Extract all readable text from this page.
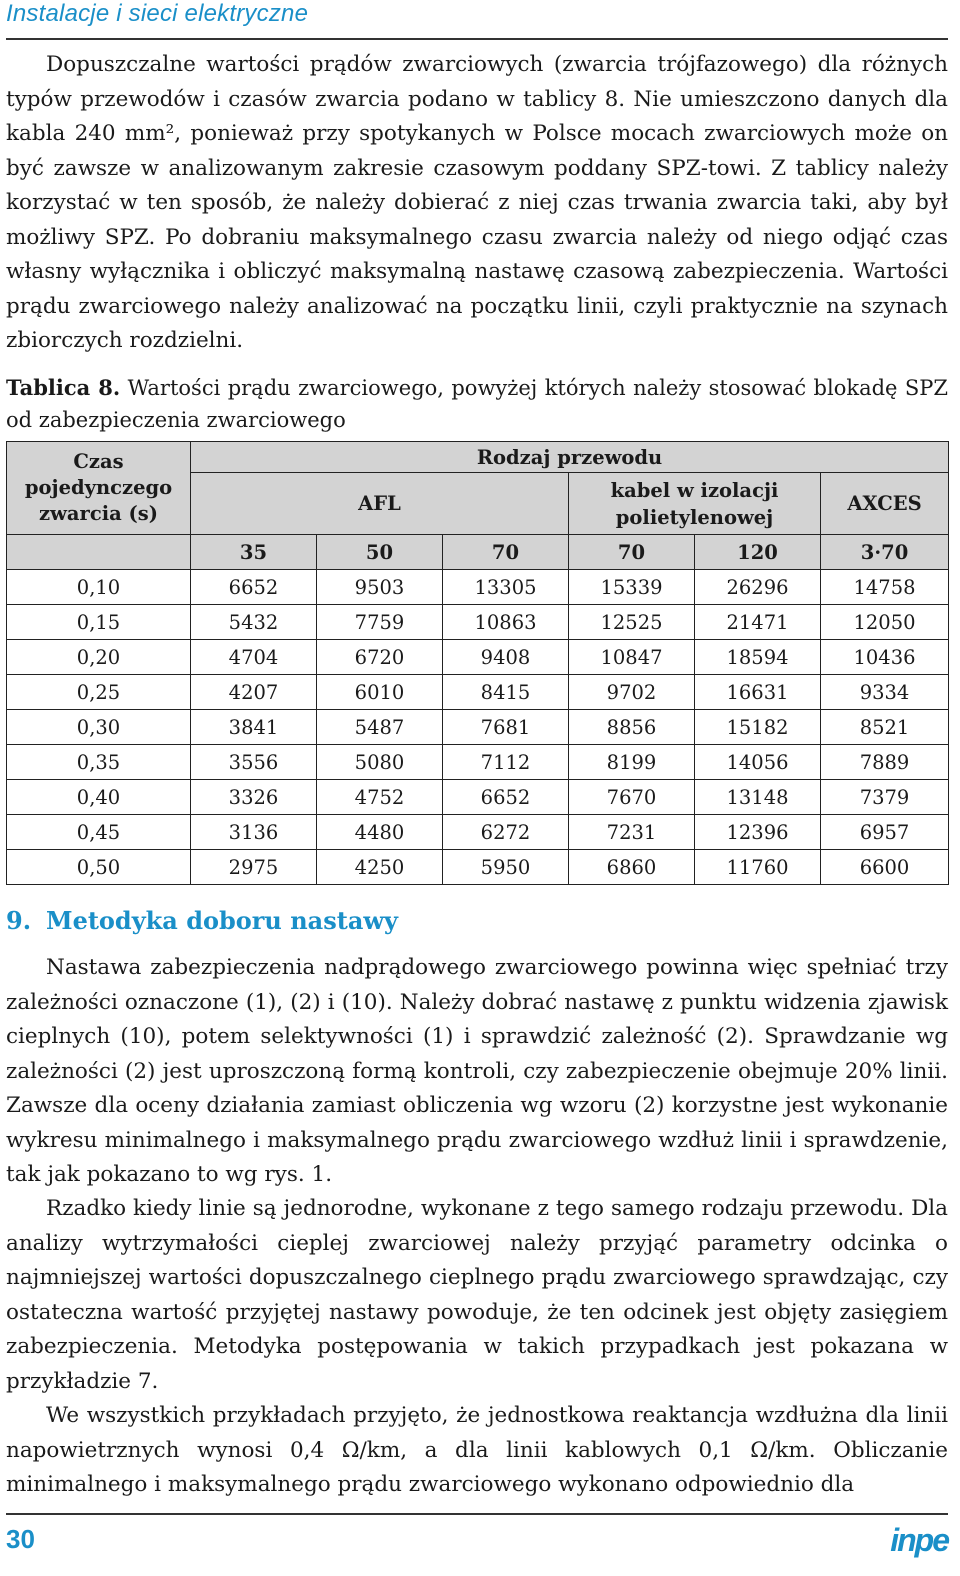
Instalacje i sieci elektryczne

Dopuszczalne wartości prądów zwarciowych (zwarcia trójfazowego) dla różnych typów przewodów i czasów zwarcia podano w tablicy 8. Nie umieszczono danych dla kabla 240 mm², ponieważ przy spotykanych w Polsce mocach zwarciowych może on być zawsze w analizowanym zakresie czasowym poddany SPZ-towi. Z tablicy należy korzystać w ten sposób, że należy dobierać z niej czas trwania zwarcia taki, aby był możliwy SPZ. Po dobraniu maksymalnego czasu zwarcia należy od niego odjąć czas własny wyłącznika i obliczyć maksymalną nastawę czasową zabezpieczenia. Wartości prądu zwarciowego należy analizować na początku linii, czyli praktycznie na szynach zbiorczych rozdzielni.

Tablica 8. Wartości prądu zwarciowego, powyżej których należy stosować blokadę SPZ od zabezpieczenia zwarciowego

Czas pojedynczego zwarcia (s)	Rodzaj przewodu					
	AFL			kabel w izolacji polietylenowej		AXCES
	35	50	70	70	120	3·70
0,10	6652	9503	13305	15339	26296	14758
0,15	5432	7759	10863	12525	21471	12050
0,20	4704	6720	9408	10847	18594	10436
0,25	4207	6010	8415	9702	16631	9334
0,30	3841	5487	7681	8856	15182	8521
0,35	3556	5080	7112	8199	14056	7889
0,40	3326	4752	6652	7670	13148	7379
0,45	3136	4480	6272	7231	12396	6957
0,50	2975	4250	5950	6860	11760	6600
9. Metodyka doboru nastawy

Nastawa zabezpieczenia nadprądowego zwarciowego powinna więc spełniać trzy zależności oznaczone (1), (2) i (10). Należy dobrać nastawę z punktu widzenia zjawisk cieplnych (10), potem selektywności (1) i sprawdzić zależność (2). Sprawdzanie wg zależności (2) jest uproszczoną formą kontroli, czy zabezpieczenie obejmuje 20% linii. Zawsze dla oceny działania zamiast obliczenia wg wzoru (2) korzystne jest wykonanie wykresu minimalnego i maksymalnego prądu zwarciowego wzdłuż linii i sprawdzenie, tak jak pokazano to wg rys. 1.

Rzadko kiedy linie są jednorodne, wykonane z tego samego rodzaju przewodu. Dla analizy wytrzymałości cieplej zwarciowej należy przyjąć parametry odcinka o najmniejszej wartości dopuszczalnego cieplnego prądu zwarciowego sprawdzając, czy ostateczna wartość przyjętej nastawy powoduje, że ten odcinek jest objęty zasięgiem zabezpieczenia. Metodyka postępowania w takich przypadkach jest pokazana w przykładzie 7.

We wszystkich przykładach przyjęto, że jednostkowa reaktancja wzdłużna dla linii napowietrznych wynosi 0,4 Ω/km, a dla linii kablowych 0,1 Ω/km. Obliczanie minimalnego i maksymalnego prądu zwarciowego wykonano odpowiednio dla

30	inpe
